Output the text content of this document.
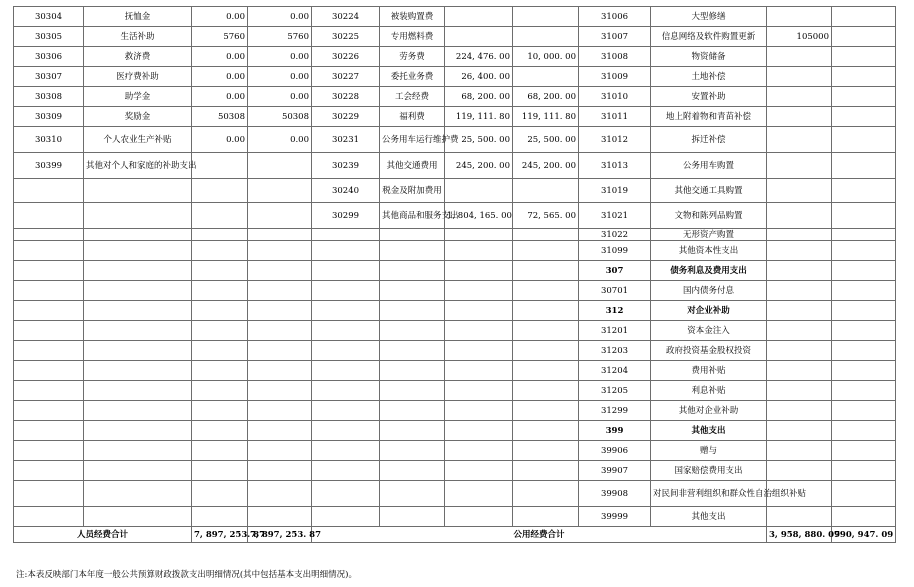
30304	抚恤金	0.00	0.00	30224	被装购置费			31006	大型修缮		
30305	生活补助	5760	5760	30225	专用燃料费			31007	信息网络及软件购置更新	105000	
30306	救济费	0.00	0.00	30226	劳务费	224, 476. 00	10, 000. 00	31008	物资储备		
30307	医疗费补助	0.00	0.00	30227	委托业务费	26, 400. 00		31009	土地补偿		
30308	助学金	0.00	0.00	30228	工会经费	68, 200. 00	68, 200. 00	31010	安置补助		
30309	奖励金	50308	50308	30229	福利费	119, 111. 80	119, 111. 80	31011	地上附着物和青苗补偿		
30310	个人农业生产补贴	0.00	0.00	30231	公务用车运行维护费	25, 500. 00	25, 500. 00	31012	拆迁补偿		
30399	其他对个人和家庭的补助支出			30239	其他交通费用	245, 200. 00	245, 200. 00	31013	公务用车购置		
				30240	税金及附加费用			31019	其他交通工具购置		
				30299	其他商品和服务支出	1, 804, 165. 00	72, 565. 00	31021	文物和陈列品购置		
								31022	无形资产购置		
								31099	其他资本性支出		
								307	债务利息及费用支出		
								30701	国内债务付息		
								312	对企业补助		
								31201	资本金注入		
								31203	政府投资基金股权投资		
								31204	费用补贴		
								31205	利息补贴		
								31299	其他对企业补助		
								399	其他支出		
								39906	赠与		
								39907	国家赔偿费用支出		
								39908	对民间非营利组织和群众性自治组织补贴		
								39999	其他支出		
人员经费合计		7, 897, 253. 87	7, 897, 253. 87	公用经费合计						3, 958, 880. 09	790, 947. 09
注:本表反映部门本年度一般公共预算财政拨款支出明细情况(其中包括基本支出明细情况)。
